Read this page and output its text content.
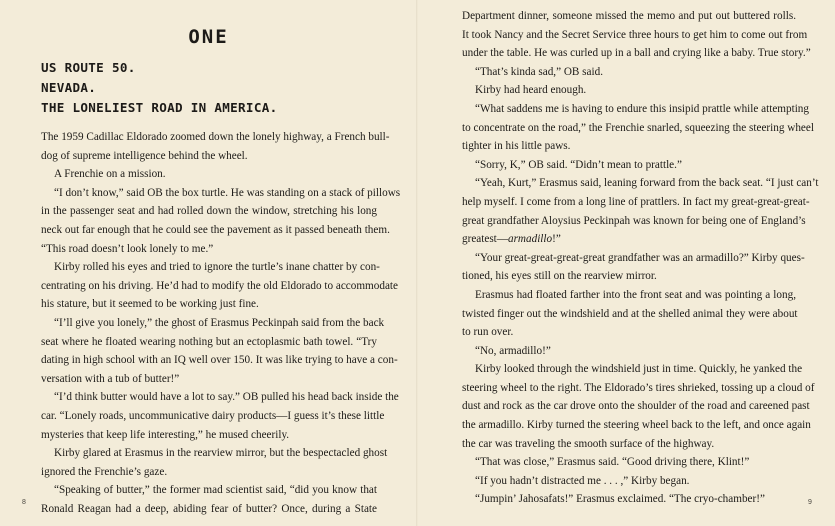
ONE
US ROUTE 50.
NEVADA.
THE LONELIEST ROAD IN AMERICA.
The 1959 Cadillac Eldorado zoomed down the lonely highway, a French bull-
dog of supreme intelligence behind the wheel.
A Frenchie on a mission.
“I don’t know,” said OB the box turtle. He was standing on a stack of pillows
in the passenger seat and had rolled down the window, stretching his long
neck out far enough that he could see the pavement as it passed beneath them.
“This road doesn’t look lonely to me.”
Kirby rolled his eyes and tried to ignore the turtle’s inane chatter by con-
centrating on his driving. He’d had to modify the old Eldorado to accommodate
his stature, but it seemed to be working just fine.
“I’ll give you lonely,” the ghost of Erasmus Peckinpah said from the back
seat where he floated wearing nothing but an ectoplasmic bath towel. “Try
dating in high school with an IQ well over 150. It was like trying to have a con-
versation with a tub of butter!”
“I’d think butter would have a lot to say.” OB pulled his head back inside the
car. “Lonely roads, uncommunicative dairy products—I guess it’s these little
mysteries that keep life interesting,” he mused cheerily.
Kirby glared at Erasmus in the rearview mirror, but the bespectacled ghost
ignored the Frenchie’s gaze.
“Speaking of butter,” the former mad scientist said, “did you know that
Ronald Reagan had a deep, abiding fear of butter? Once, during a State
8
Department dinner, someone missed the memo and put out buttered rolls.
It took Nancy and the Secret Service three hours to get him to come out from
under the table. He was curled up in a ball and crying like a baby. True story.”
“That’s kinda sad,” OB said.
Kirby had heard enough.
“What saddens me is having to endure this insipid prattle while attempting
to concentrate on the road,” the Frenchie snarled, squeezing the steering wheel
tighter in his little paws.
“Sorry, K,” OB said. “Didn’t mean to prattle.”
“Yeah, Kurt,” Erasmus said, leaning forward from the back seat. “I just can’t
help myself. I come from a long line of prattlers. In fact my great-great-great-
great grandfather Aloysius Peckinpah was known for being one of England’s
greatest—armadillo!”
“Your great-great-great-great grandfather was an armadillo?” Kirby ques-
tioned, his eyes still on the rearview mirror.
Erasmus had floated farther into the front seat and was pointing a long,
twisted finger out the windshield and at the shelled animal they were about
to run over.
“No, armadillo!”
Kirby looked through the windshield just in time. Quickly, he yanked the
steering wheel to the right. The Eldorado’s tires shrieked, tossing up a cloud of
dust and rock as the car drove onto the shoulder of the road and careened past
the armadillo. Kirby turned the steering wheel back to the left, and once again
the car was traveling the smooth surface of the highway.
“That was close,” Erasmus said. “Good driving there, Klint!”
“If you hadn’t distracted me . . . ,” Kirby began.
“Jumpin’ Jahosafats!” Erasmus exclaimed. “The cryo-chamber!”	9
